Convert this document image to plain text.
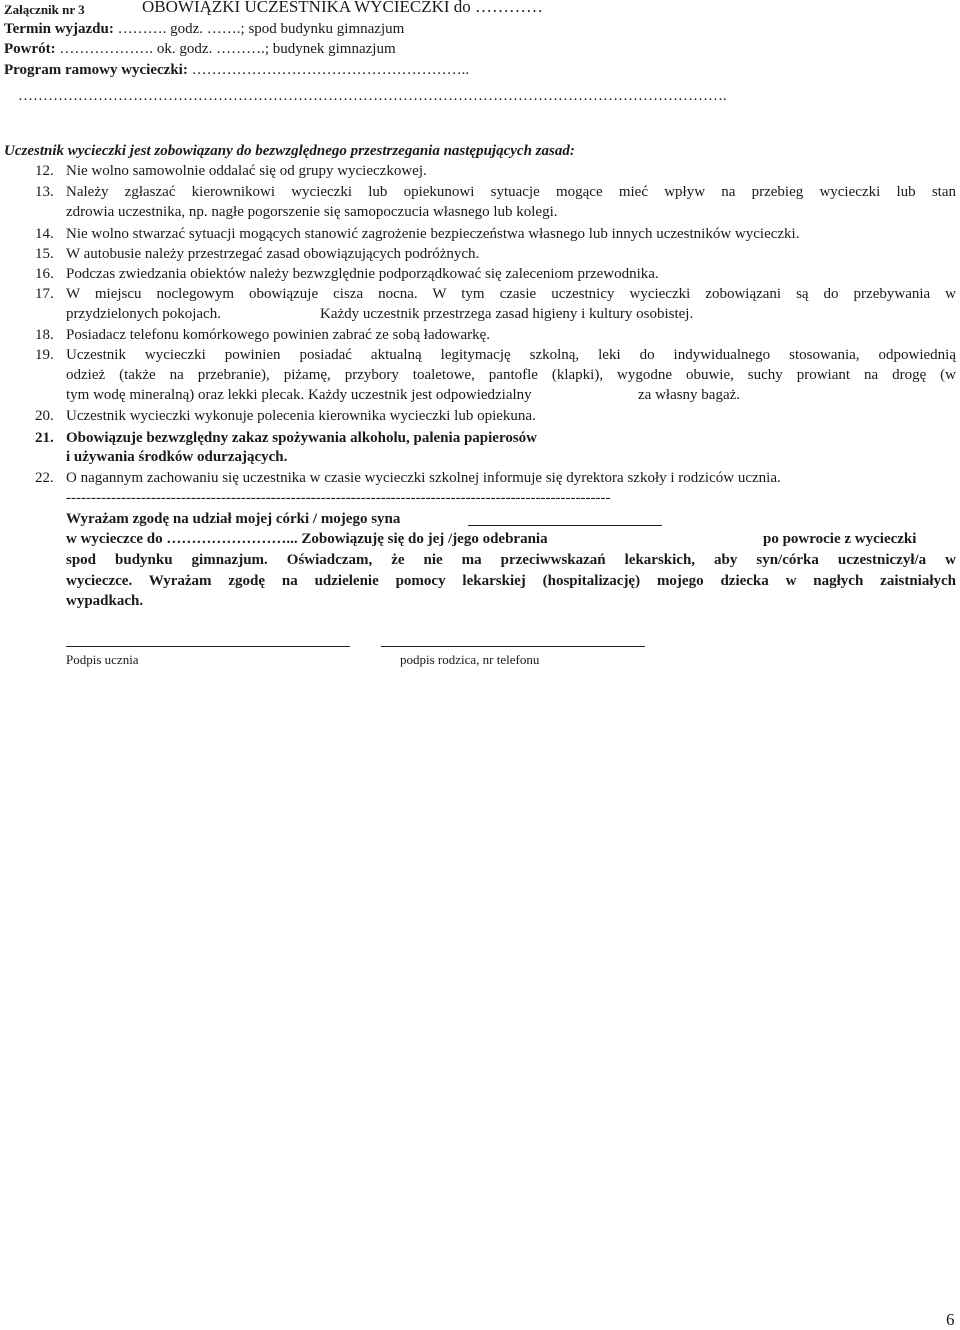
Załącznik nr 3	OBOWIĄZKI UCZESTNIKA WYCIECZKI do …………
Termin wyjazdu: ………. godz. …….; spod budynku gimnazjum
Powrót: ………………. ok. godz. ……….; budynek gimnazjum
Program ramowy wycieczki: ………………………………………………..
…………………………………………………………………………………………………………………………….
Uczestnik wycieczki jest zobowiązany do bezwzględnego przestrzegania następujących zasad:
12. Nie wolno samowolnie oddalać się od grupy wycieczkowej.
13. Należy zgłaszać kierownikowi wycieczki lub opiekunowi sytuacje mogące mieć wpływ na przebieg wycieczki lub stan
zdrowia uczestnika, np. nagłe pogorszenie się samopoczucia własnego lub kolegi.
14. Nie wolno stwarzać sytuacji mogących stanowić zagrożenie bezpieczeństwa własnego lub innych uczestników wycieczki.
15. W autobusie należy przestrzegać zasad obowiązujących podróżnych.
16. Podczas zwiedzania obiektów należy bezwzględnie podporządkować się zaleceniom przewodnika.
17. W miejscu noclegowym obowiązuje cisza nocna. W tym czasie uczestnicy wycieczki zobowiązani są do przebywania w
przydzielonych pokojach.	Każdy uczestnik przestrzega zasad higieny i kultury osobistej.
18. Posiadacz telefonu komórkowego powinien zabrać ze sobą ładowarkę.
19. Uczestnik wycieczki powinien posiadać aktualną legitymację szkolną, leki do indywidualnego stosowania, odpowiednią
odzież (także na przebranie), piżamę, przybory toaletowe, pantofle (klapki), wygodne obuwie, suchy prowiant na drogę (w
tym wodę mineralną) oraz lekki plecak. Każdy uczestnik jest odpowiedzialny	za własny bagaż.
20. Uczestnik wycieczki wykonuje polecenia kierownika wycieczki lub opiekuna.
21. Obowiązuje bezwzględny zakaz spożywania alkoholu, palenia papierosów
i używania środków odurzających.
22. O nagannym zachowaniu się uczestnika w czasie wycieczki szkolnej informuje się dyrektora szkoły i rodziców ucznia.
-------------------------------------------------------------------------------------------------------------
Wyrażam zgodę na udział mojej córki / mojego syna
w wycieczce do ……………………... Zobowiązuję się do jej /jego odebrania	po powrocie z wycieczki
spod budynku gimnazjum. Oświadczam, że nie ma przeciwwskazań lekarskich, aby syn/córka uczestniczył/a w
wycieczce. Wyrażam zgodę na udzielenie pomocy lekarskiej (hospitalizację) mojego dziecka w nagłych zaistniałych
wypadkach.
Podpis ucznia	podpis rodzica, nr telefonu
6
